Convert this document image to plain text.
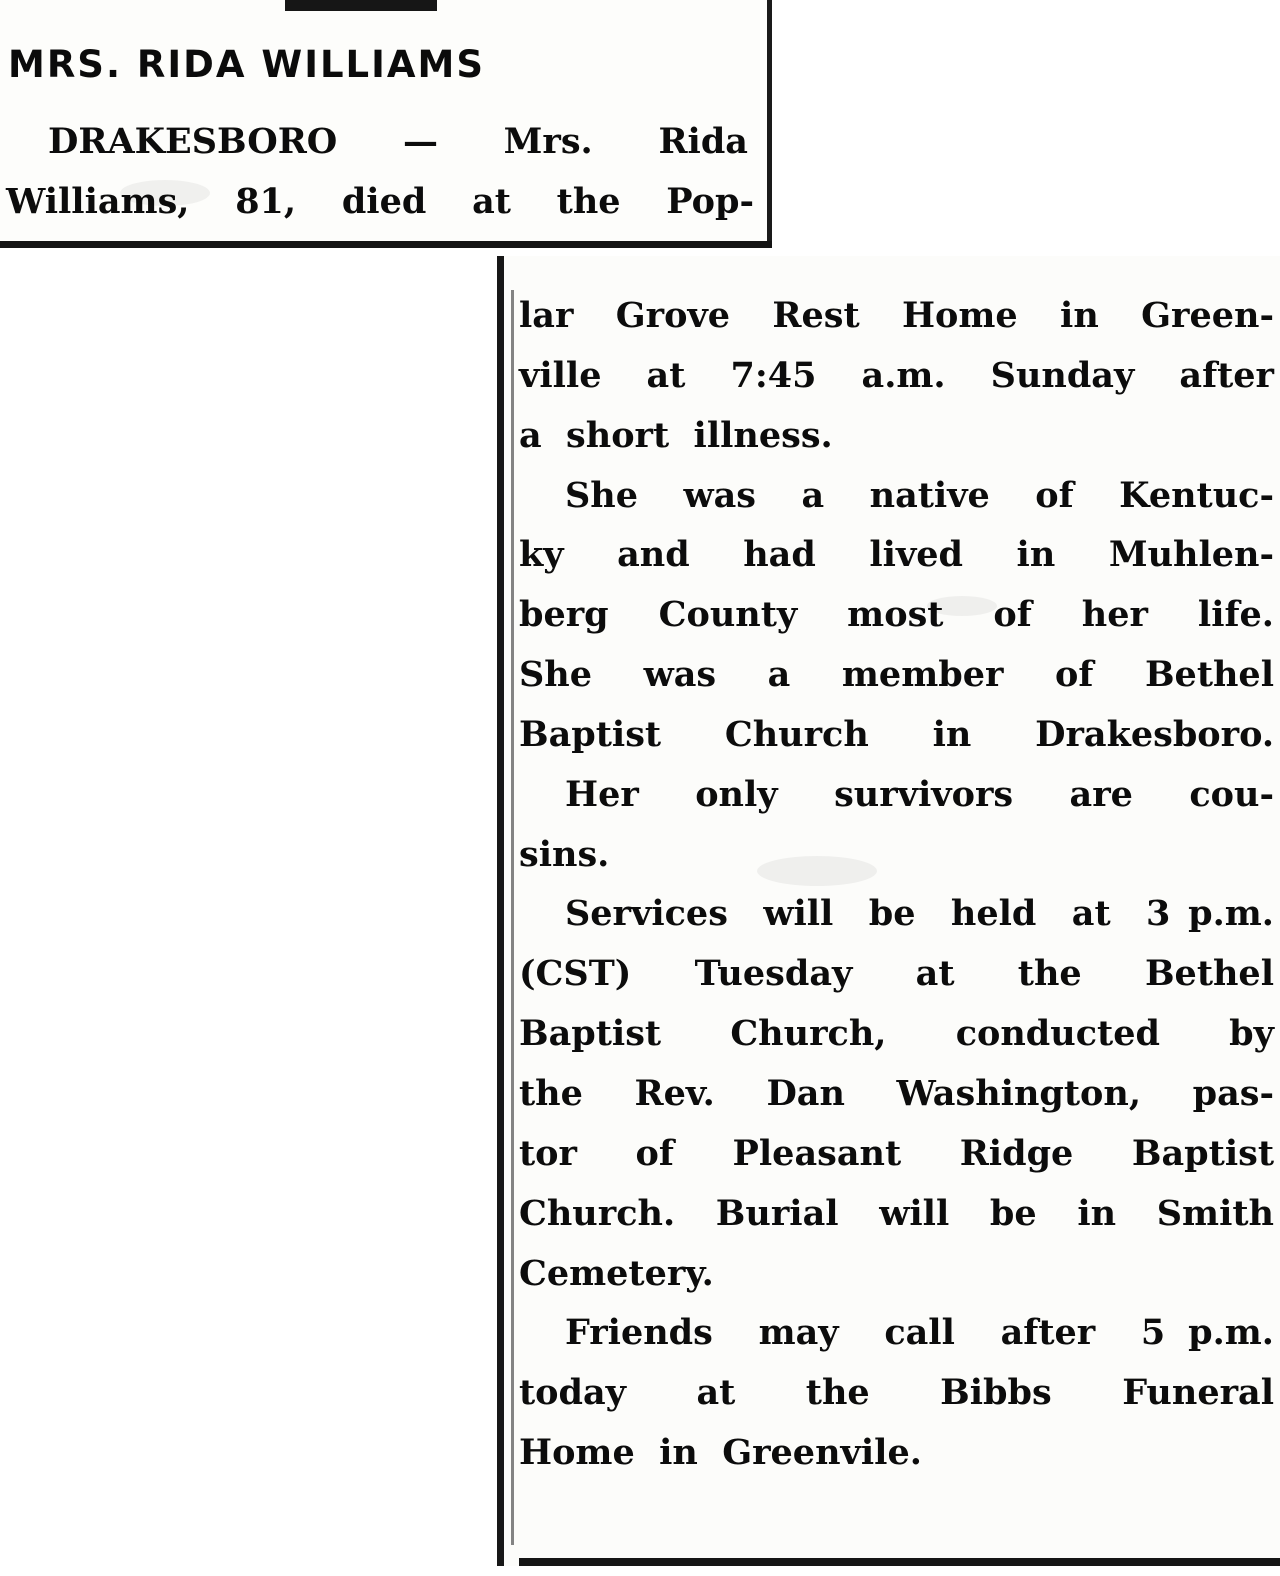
MRS. RIDA WILLIAMS
DRAKESBORO — Mrs. Rida
Williams, 81, died at the Pop-

lar Grove Rest Home in Green-
ville at 7:45 a.m. Sunday after
a  short  illness.

She  was  a  native  of  Kentuc-
ky  and  had  lived  in  Muhlen-
berg  County  most  of  her  life.
She  was  a  member  of  Bethel
Baptist  Church  in  Drakesboro.

Her  only  survivors  are  cou-
sins.

Services  will  be  held  at  3 p.m.
(CST)  Tuesday  at  the  Bethel
Baptist  Church,  conducted  by
the Rev. Dan Washington, pas-
tor  of  Pleasant  Ridge  Baptist
Church. Burial will be in Smith
Cemetery.

Friends  may  call  after  5 p.m.
today  at  the  Bibbs  Funeral
Home  in  Greenvile.
